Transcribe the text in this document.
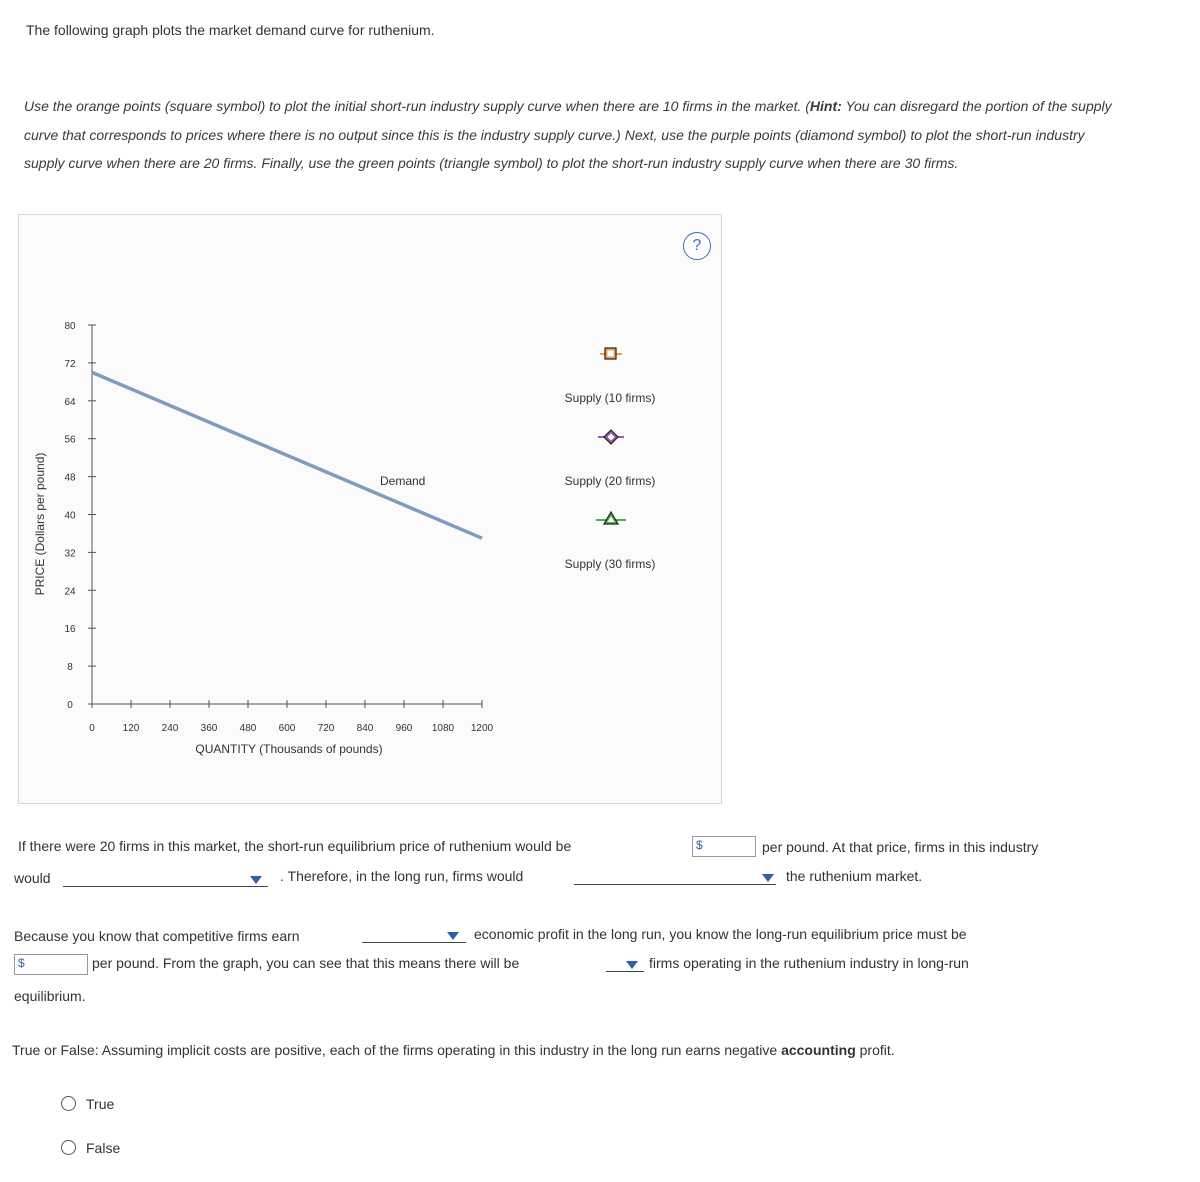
The following graph plots the market demand curve for ruthenium.
Use the orange points (square symbol) to plot the initial short-run industry supply curve when there are 10 firms in the market. (Hint: You can disregard the portion of the supply curve that corresponds to prices where there is no output since this is the industry supply curve.) Next, use the purple points (diamond symbol) to plot the short-run industry supply curve when there are 20 firms. Finally, use the green points (triangle symbol) to plot the short-run industry supply curve when there are 30 firms.
?
0
8
16
24
32
40
48
56
64
72
80
0	120 240 360 480 600 720 840 960 1080 1200
PRICE (Dollars per pound)
QUANTITY (Thousands of pounds)
Demand
Supply (10 firms)
Supply (20 firms)
Supply (30 firms)
If there were 20 firms in this market, the short-run equilibrium price of ruthenium would be	$	per pound. At that price, firms in this industry
would	. Therefore, in the long run, firms would	the ruthenium market.
Because you know that competitive firms earn	economic profit in the long run, you know the long-run equilibrium price must be
$	per pound. From the graph, you can see that this means there will be	firms operating in the ruthenium industry in long-run
equilibrium.
True or False: Assuming implicit costs are positive, each of the firms operating in this industry in the long run earns negative accounting profit.
True
False
